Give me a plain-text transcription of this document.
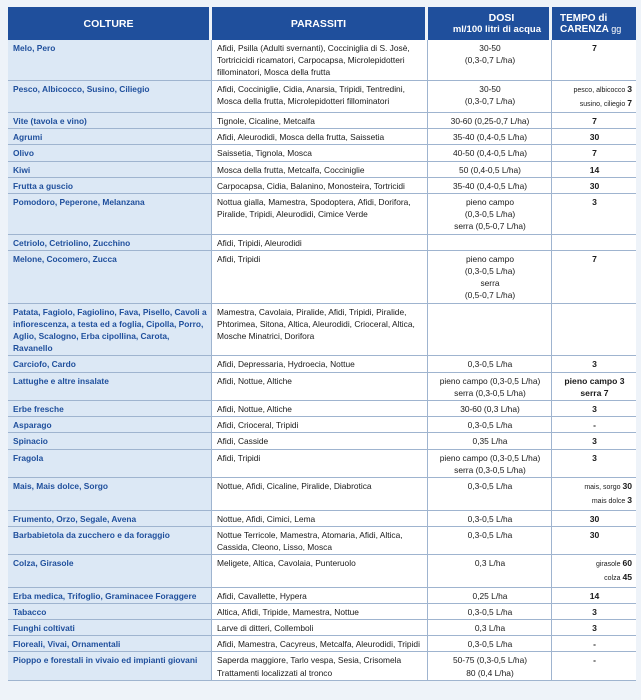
COLTURE	PARASSITI	DOSI
ml/100 litri di acqua	TEMPO di
CARENZA gg
Melo, Pero	Afidi, Psilla (Adulti svernanti), Cocciniglia di S. Josè, Tortricicidi ricamatori, Carpocapsa, Microlepidotteri fillominatori, Mosca della frutta	30-50
(0,3-0,7 L/ha)	7

Pesco, Albicocco, Susino, Ciliegio	Afidi, Cocciniglie, Cidia, Anarsia, Tripidi, Tentredini, Mosca della frutta, Microlepidotteri fillominatori	30-50
(0,3-0,7 L/ha)	pesco, albicocco 3
susino, ciliegio 7

Vite (tavola e vino)	Tignole, Cicaline, Metcalfa	30-60 (0,25-0,7 L/ha)	7

Agrumi	Afidi, Aleurodidi, Mosca della frutta, Saissetia	35-40 (0,4-0,5 L/ha)	30

Olivo	Saissetia, Tignola, Mosca	40-50 (0,4-0,5 L/ha)	7

Kiwi	Mosca della frutta, Metcalfa, Cocciniglie	50 (0,4-0,5 L/ha)	14

Frutta a guscio	Carpocapsa, Cidia, Balanino, Monosteira, Tortricidi	35-40 (0,4-0,5 L/ha)	30

Pomodoro, Peperone, Melanzana	Nottua gialla, Mamestra, Spodoptera, Afidi, Dorifora, Piralide, Tripidi, Aleurodidi, Cimice Verde	pieno campo
(0,3-0,5 L/ha)
serra (0,5-0,7 L/ha)	3

Cetriolo, Cetriolino, Zucchino	Afidi, Tripidi, Aleurodidi		
Melone, Cocomero, Zucca	Afidi, Tripidi	pieno campo
(0,3-0,5 L/ha)
serra
(0,5-0,7 L/ha)	7

Patata, Fagiolo, Fagiolino, Fava, Pisello, Cavoli a infiorescenza, a testa ed a foglia, Cipolla, Porro, Aglio, Scalogno, Erba cipollina, Carota, Ravanello	Mamestra, Cavolaia, Piralide, Afidi, Tripidi, Piralide, Phtorimea, Sitona, Altica, Aleurodidi, Crioceral, Altica, Mosche Minatrici, Dorifora		
Carciofo, Cardo	Afidi, Depressaria, Hydroecia, Nottue	0,3-0,5 L/ha	3

Lattughe e altre insalate	Afidi, Nottue, Altiche	pieno campo (0,3-0,5 L/ha)
serra (0,3-0,5 L/ha)	pieno campo 3
serra 7

Erbe fresche	Afidi, Nottue, Altiche	30-60 (0,3 L/ha)	3

Asparago	Afidi, Crioceral, Tripidi	0,3-0,5 L/ha	-

Spinacio	Afidi, Casside	0,35 L/ha	3

Fragola	Afidi, Tripidi	pieno campo (0,3-0,5 L/ha)
serra (0,3-0,5 L/ha)	3

Mais, Mais dolce, Sorgo	Nottue, Afidi, Cicaline, Piralide, Diabrotica	0,3-0,5 L/ha	mais, sorgo 30
mais dolce 3

Frumento, Orzo, Segale, Avena	Nottue, Afidi, Cimici, Lema	0,3-0,5 L/ha	30

Barbabietola da zucchero e da foraggio	Nottue Terricole, Mamestra, Atomaria, Afidi, Altica, Cassida, Cleono, Lisso, Mosca	0,3-0,5 L/ha	30

Colza, Girasole	Meligete, Altica, Cavolaia, Punteruolo	0,3 L/ha	girasole 60
colza 45

Erba medica, Trifoglio, Graminacee Foraggere	Afidi, Cavallette, Hypera	0,25 L/ha	14

Tabacco	Altica, Afidi, Tripide, Mamestra, Nottue	0,3-0,5 L/ha	3

Funghi coltivati	Larve di ditteri, Collemboli	0,3 L/ha	3

Floreali, Vivai, Ornamentali	Afidi, Mamestra, Cacyreus, Metcalfa, Aleurodidi, Tripidi	0,3-0,5 L/ha	-

Pioppo e forestali in vivaio ed impianti giovani	Saperda maggiore, Tarlo vespa, Sesia, Crisomela
Trattamenti localizzati al tronco	50-75 (0,3-0,5 L/ha)
80 (0,4 L/ha)	-
